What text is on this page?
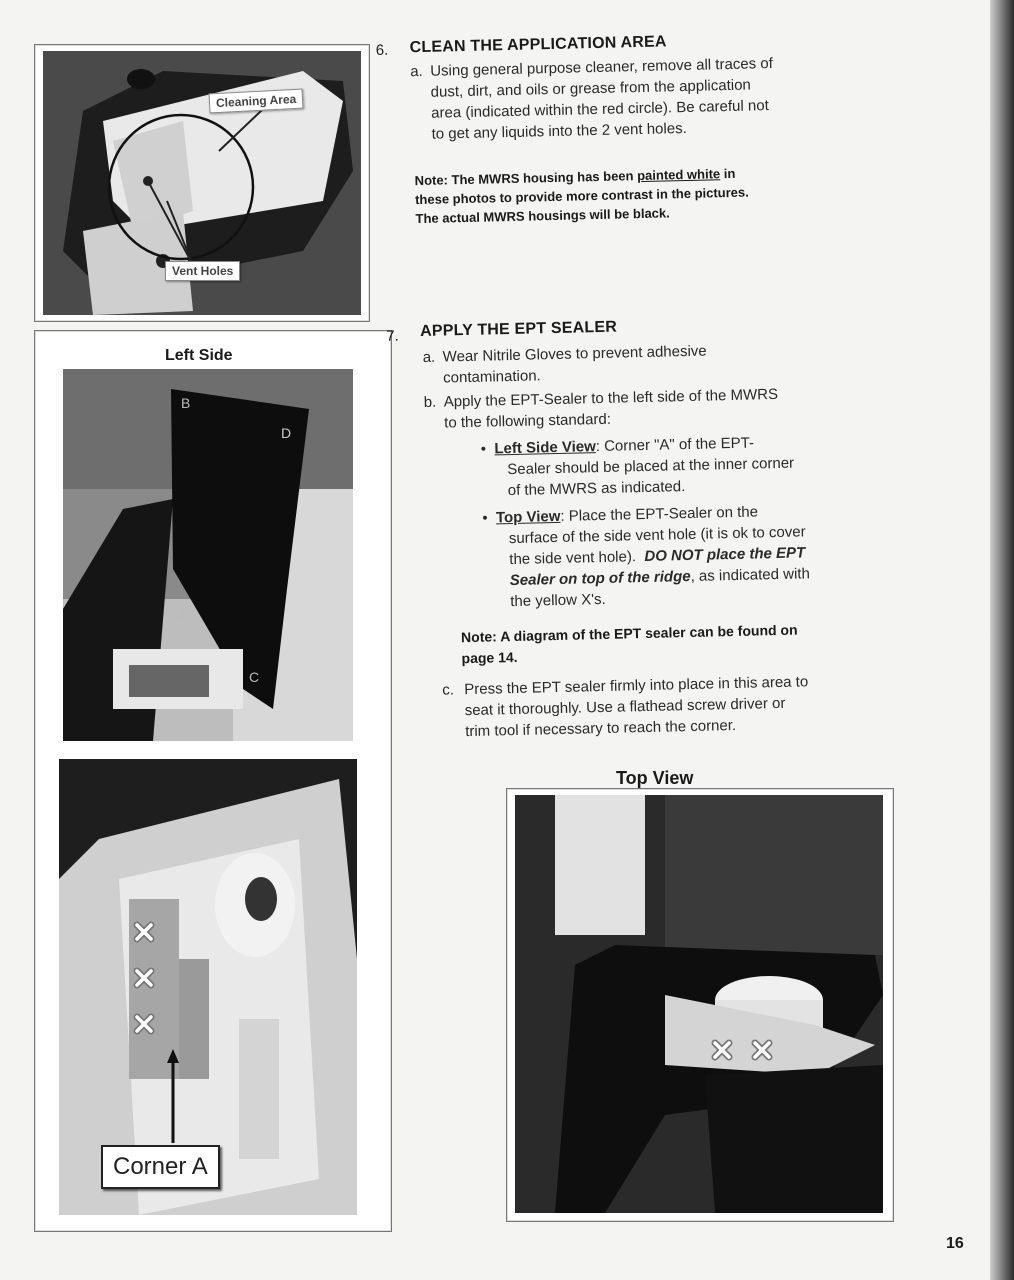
Cleaning Area
Vent Holes
Left Side
B
D
A
C
Corner A
Top View
6. CLEAN THE APPLICATION AREA
a. Using general purpose cleaner, remove all traces of
dust, dirt, and oils or grease from the application
area (indicated within the red circle). Be careful not
to get any liquids into the 2 vent holes.
Note: The MWRS housing has been painted white in
these photos to provide more contrast in the pictures.
The actual MWRS housings will be black.
7. APPLY THE EPT SEALER
a. Wear Nitrile Gloves to prevent adhesive
contamination.
b. Apply the EPT-Sealer to the left side of the MWRS
to the following standard:
•  Left Side View: Corner "A" of the EPT-
Sealer should be placed at the inner corner
of the MWRS as indicated.
•  Top View: Place the EPT-Sealer on the
surface of the side vent hole (it is ok to cover
the side vent hole). DO NOT place the EPT
Sealer on top of the ridge, as indicated with
the yellow X's.
Note: A diagram of the EPT sealer can be found on
page 14.
c. Press the EPT sealer firmly into place in this area to
seat it thoroughly. Use a flathead screw driver or
trim tool if necessary to reach the corner.
16
